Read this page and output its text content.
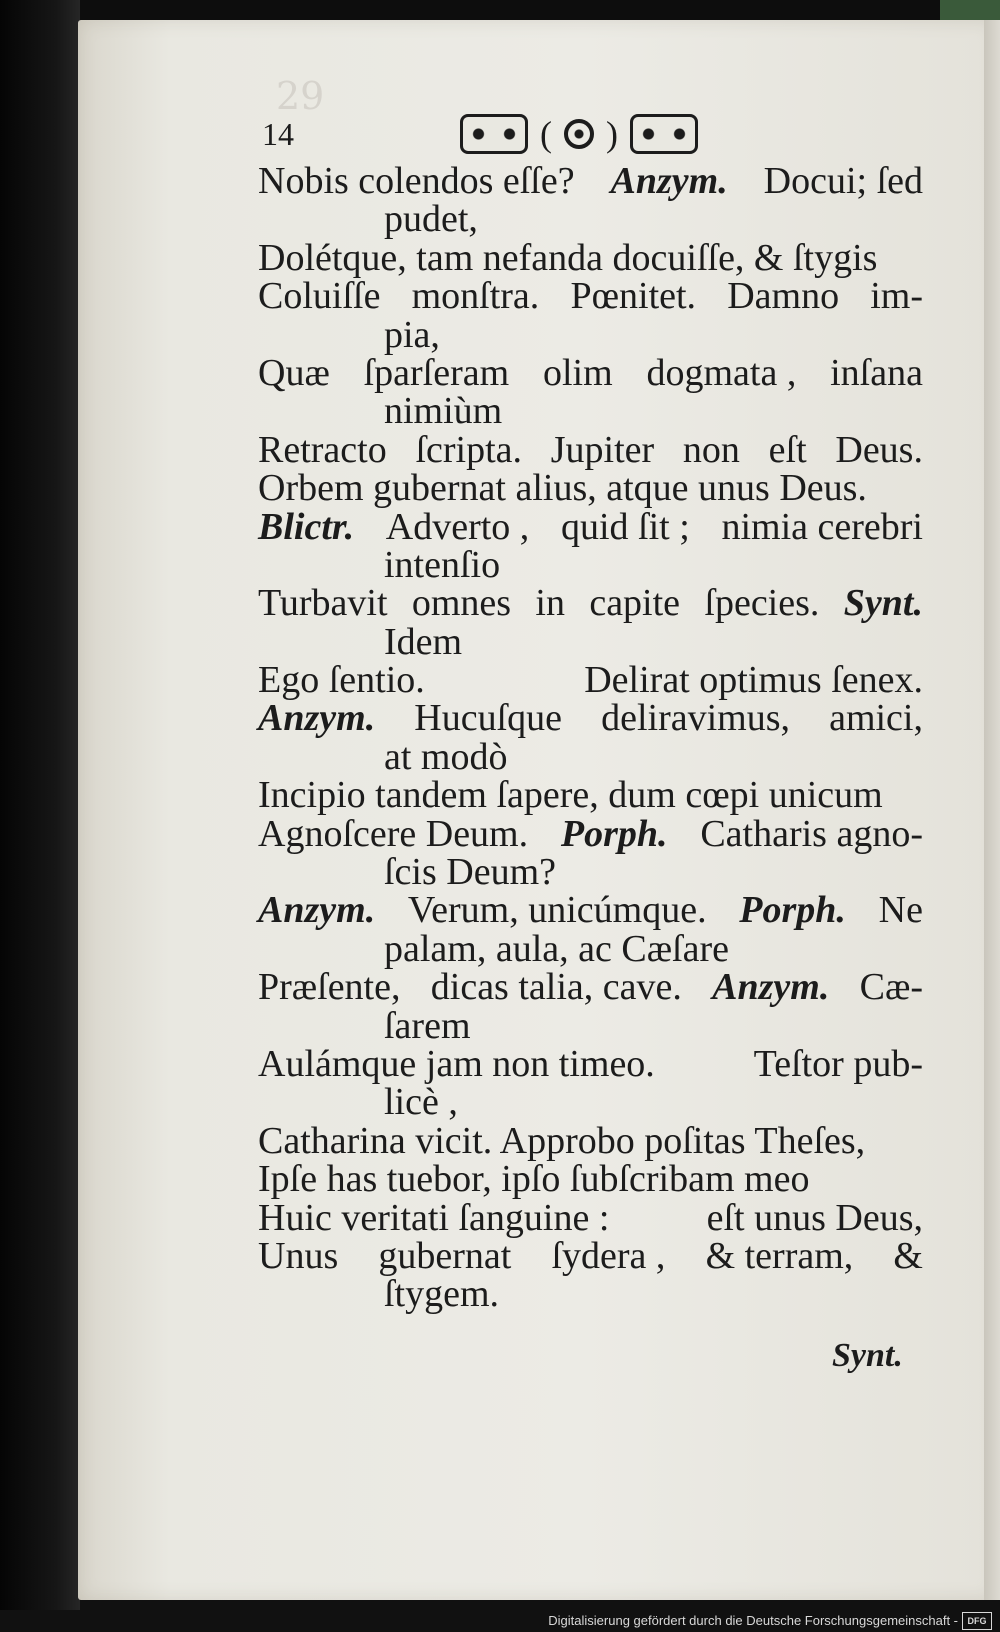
29
14	( )
Nobis colendos eſſe? Anzym. Docui; ſed
pudet,
Dolétque, tam nefanda docuiſſe, & ſtygis
Coluiſſe monſtra. Pœnitet. Damno im-
pia,
Quæ ſparſeram olim dogmata , inſana
nimiùm
Retracto ſcripta. Jupiter non eſt Deus.
Orbem gubernat alius, atque unus Deus.
Blictr. Adverto , quid ſit ; nimia cerebri
intenſio
Turbavit omnes in capite ſpecies. Synt.
Idem
Ego ſentio.	Delirat optimus ſenex.
Anzym. Hucuſque deliravimus, amici,
at modò
Incipio tandem ſapere, dum cœpi unicum
Agnoſcere Deum. Porph. Catharis agno-
ſcis Deum?
Anzym. Verum, unicúmque. Porph. Ne
palam, aula, ac Cæſare
Præſente, dicas talia, cave. Anzym. Cæ-
ſarem
Aulámque jam non timeo.	Teſtor pub-
licè ,
Catharina vicit. Approbo poſitas Theſes,
Ipſe has tuebor, ipſo ſubſcribam meo
Huic veritati ſanguine :	eſt unus Deus,
Unus gubernat ſydera , & terram, &
ſtygem.
Synt.
Digitalisierung gefördert durch die Deutsche Forschungsgemeinschaft -	DFG
